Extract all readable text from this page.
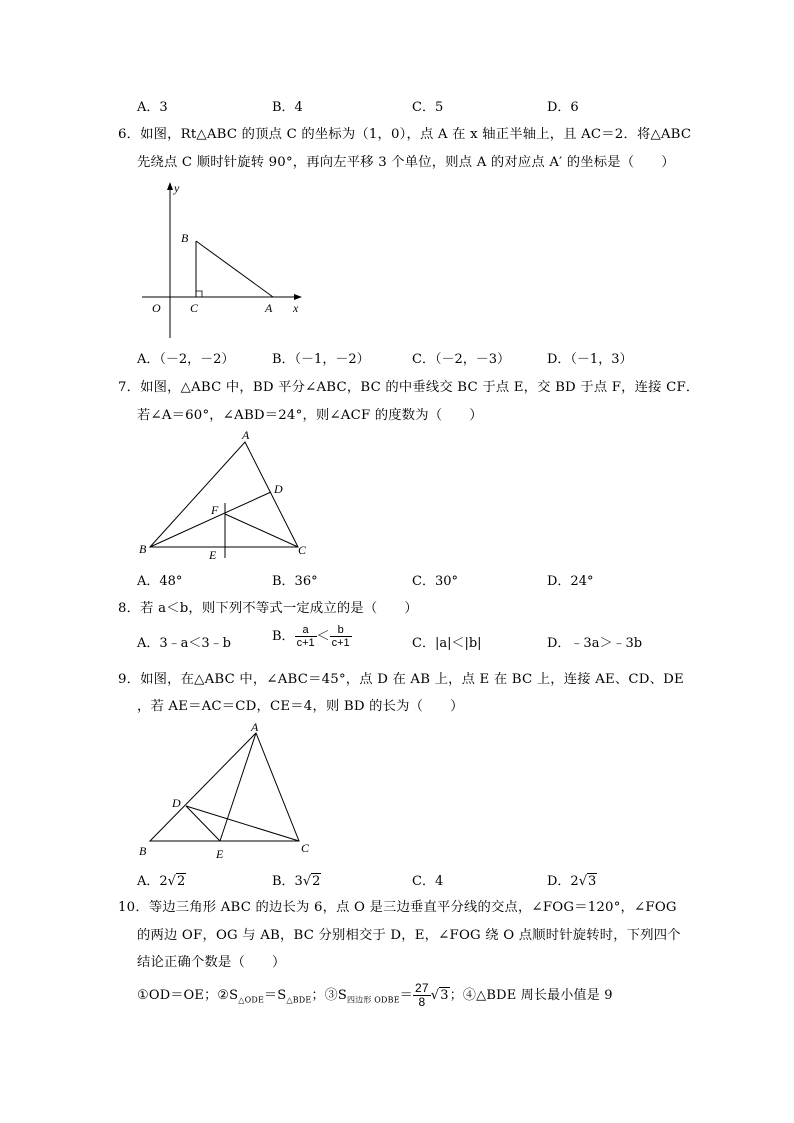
A．3	B．4	C．5	D．6
6．如图，Rt△ABC 的顶点 C 的坐标为（1，0），点 A 在 x 轴正半轴上，且 AC＝2．将△ABC
先绕点 C 顺时针旋转 90°，再向左平移 3 个单位，则点 A 的对应点 A′ 的坐标是（　　）
y
x
O
B
C	A
A．（－2，－2）	B．（－1，－2）	C．（－2，－3）	D．（－1，3）
7．如图，△ABC 中，BD 平分∠ABC，BC 的中垂线交 BC 于点 E，交 BD 于点 F，连接 CF．
若∠A＝60°，∠ABD＝24°，则∠ACF 的度数为（　　）
A
B	C
D
E
F
A．48°	B．36°	C．30°	D．24°
8．若 a＜b，则下列不等式一定成立的是（　　）
A．3﹣a＜3﹣b	B． $\frac{a}{c+1} < \frac{b}{c+1}$	C．|a|＜|b|	D．﹣3a＞﹣3b
9．如图，在△ABC 中，∠ABC＝45°，点 D 在 AB 上，点 E 在 BC 上，连接 AE、CD、DE
，若 AE＝AC＝CD，CE＝4，则 BD 的长为（　　）
A
B	C
D
E
A．2√2	B．3√2	C．4	D．2√3
10．等边三角形 ABC 的边长为 6，点 O 是三边垂直平分线的交点，∠FOG＝120°，∠FOG
的两边 OF，OG 与 AB，BC 分别相交于 D，E，∠FOG 绕 O 点顺时针旋转时，下列四个
结论正确个数是（　　）
①OD＝OE；$②S_{\triangle ODE}=S_{\triangle BDE}$；$③S_{四边形 ODBE}= \frac{27}{8} √3$；④△BDE 周长最小值是 9
